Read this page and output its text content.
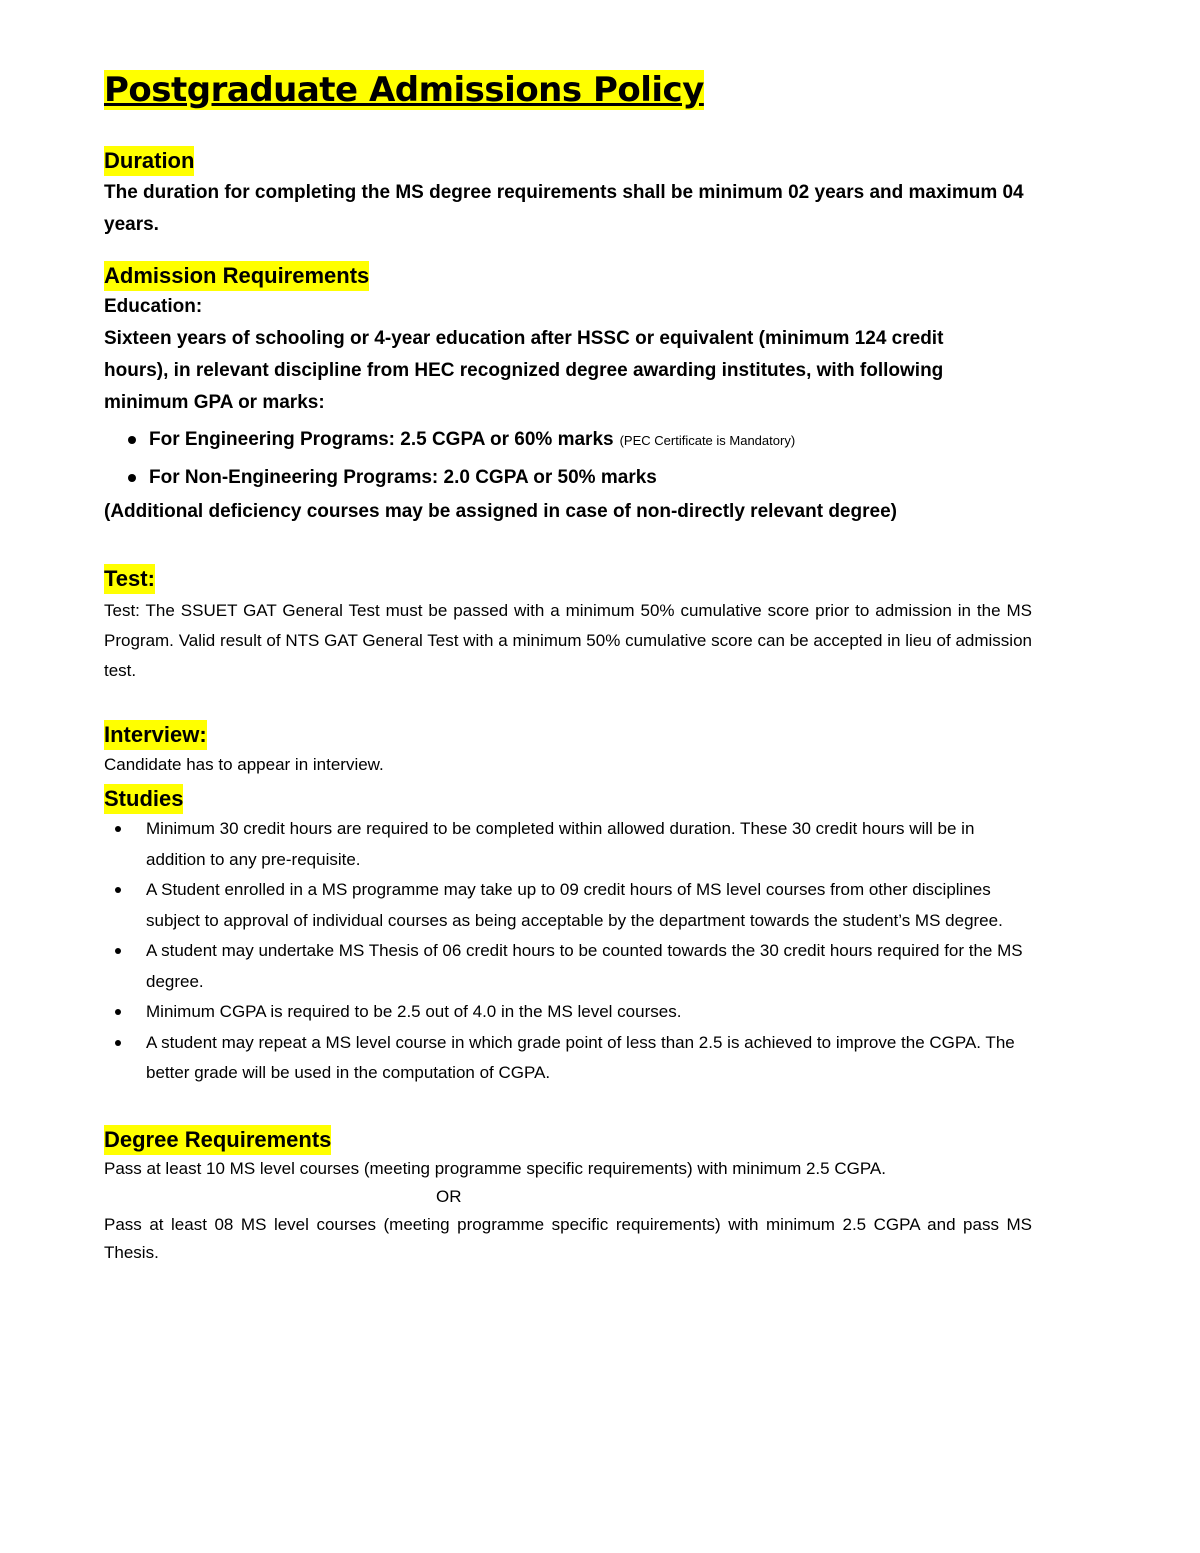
Postgraduate Admissions Policy
Duration

The duration for completing the MS degree requirements shall be minimum 02 years and maximum 04 years.

Admission Requirements

Education:

Sixteen years of schooling or 4-year education after HSSC or equivalent (minimum 124 credit hours), in relevant discipline from HEC recognized degree awarding institutes, with following minimum GPA or marks:

For Engineering Programs: 2.5 CGPA or 60% marks (PEC Certificate is Mandatory)
For Non-Engineering Programs: 2.0 CGPA or 50% marks

(Additional deficiency courses may be assigned in case of non-directly relevant degree)

Test:

Test: The SSUET GAT General Test must be passed with a minimum 50% cumulative score prior to admission in the MS Program. Valid result of NTS GAT General Test with a minimum 50% cumulative score can be accepted in lieu of admission test.

Interview:

Candidate has to appear in interview.

Studies
Minimum 30 credit hours are required to be completed within allowed duration. These 30 credit hours will be in addition to any pre-requisite.
A Student enrolled in a MS programme may take up to 09 credit hours of MS level courses from other disciplines subject to approval of individual courses as being acceptable by the department towards the student’s MS degree.
A student may undertake MS Thesis of 06 credit hours to be counted towards the 30 credit hours required for the MS degree.
Minimum CGPA is required to be 2.5 out of 4.0 in the MS level courses.
A student may repeat a MS level course in which grade point of less than 2.5 is achieved to improve the CGPA. The better grade will be used in the computation of CGPA.
Degree Requirements

Pass at least 10 MS level courses (meeting programme specific requirements) with minimum 2.5 CGPA.

OR

Pass at least 08 MS level courses (meeting programme specific requirements) with minimum 2.5 CGPA and pass MS Thesis.
